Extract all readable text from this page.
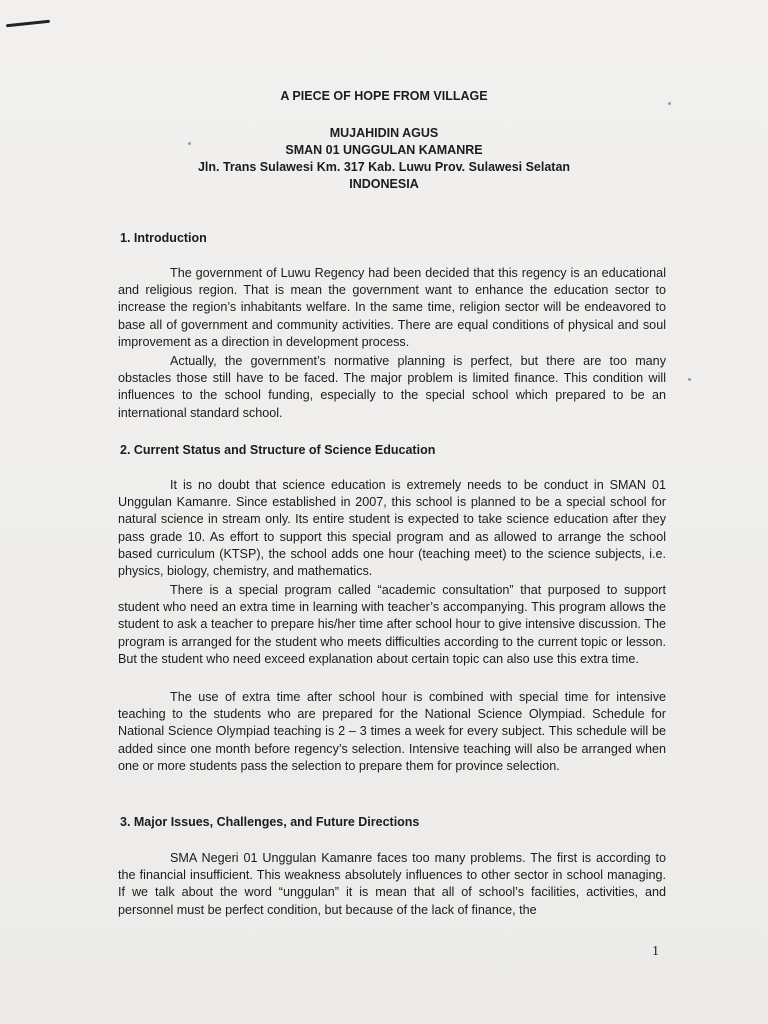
A PIECE OF HOPE FROM VILLAGE
MUJAHIDIN AGUS
SMAN 01 UNGGULAN KAMANRE
Jln. Trans Sulawesi Km. 317 Kab. Luwu Prov. Sulawesi Selatan
INDONESIA
1. Introduction

The government of Luwu Regency had been decided that this regency is an educational and religious region. That is mean the government want to enhance the education sector to increase the region’s inhabitants welfare. In the same time, religion sector will be endeavored to base all of government and community activities. There are equal conditions of physical and soul improvement as a direction in development process.

Actually, the government’s normative planning is perfect, but there are too many obstacles those still have to be faced. The major problem is limited finance. This condition will influences to the school funding, especially to the special school which prepared to be an international standard school.

2. Current Status and Structure of Science Education

It is no doubt that science education is extremely needs to be conduct in SMAN 01 Unggulan Kamanre. Since established in 2007, this school is planned to be a special school for natural science in stream only. Its entire student is expected to take science education after they pass grade 10. As effort to support this special program and as allowed to arrange the school based curriculum (KTSP), the school adds one hour (teaching meet) to the science subjects, i.e. physics, biology, chemistry, and mathematics.

There is a special program called “academic consultation” that purposed to support student who need an extra time in learning with teacher’s accompanying. This program allows the student to ask a teacher to prepare his/her time after school hour to give intensive discussion. The program is arranged for the student who meets difficulties according to the current topic or lesson. But the student who need exceed explanation about certain topic can also use this extra time.

The use of extra time after school hour is combined with special time for intensive teaching to the students who are prepared for the National Science Olympiad. Schedule for National Science Olympiad teaching is 2 – 3 times a week for every subject. This schedule will be added since one month before regency’s selection. Intensive teaching will also be arranged when one or more students pass the selection to prepare them for province selection.

3. Major Issues, Challenges, and Future Directions

SMA Negeri 01 Unggulan Kamanre faces too many problems. The first is according to the financial insufficient. This weakness absolutely influences to other sector in school managing. If we talk about the word “unggulan” it is mean that all of school’s facilities, activities, and personnel must be perfect condition, but because of the lack of finance, the

1
